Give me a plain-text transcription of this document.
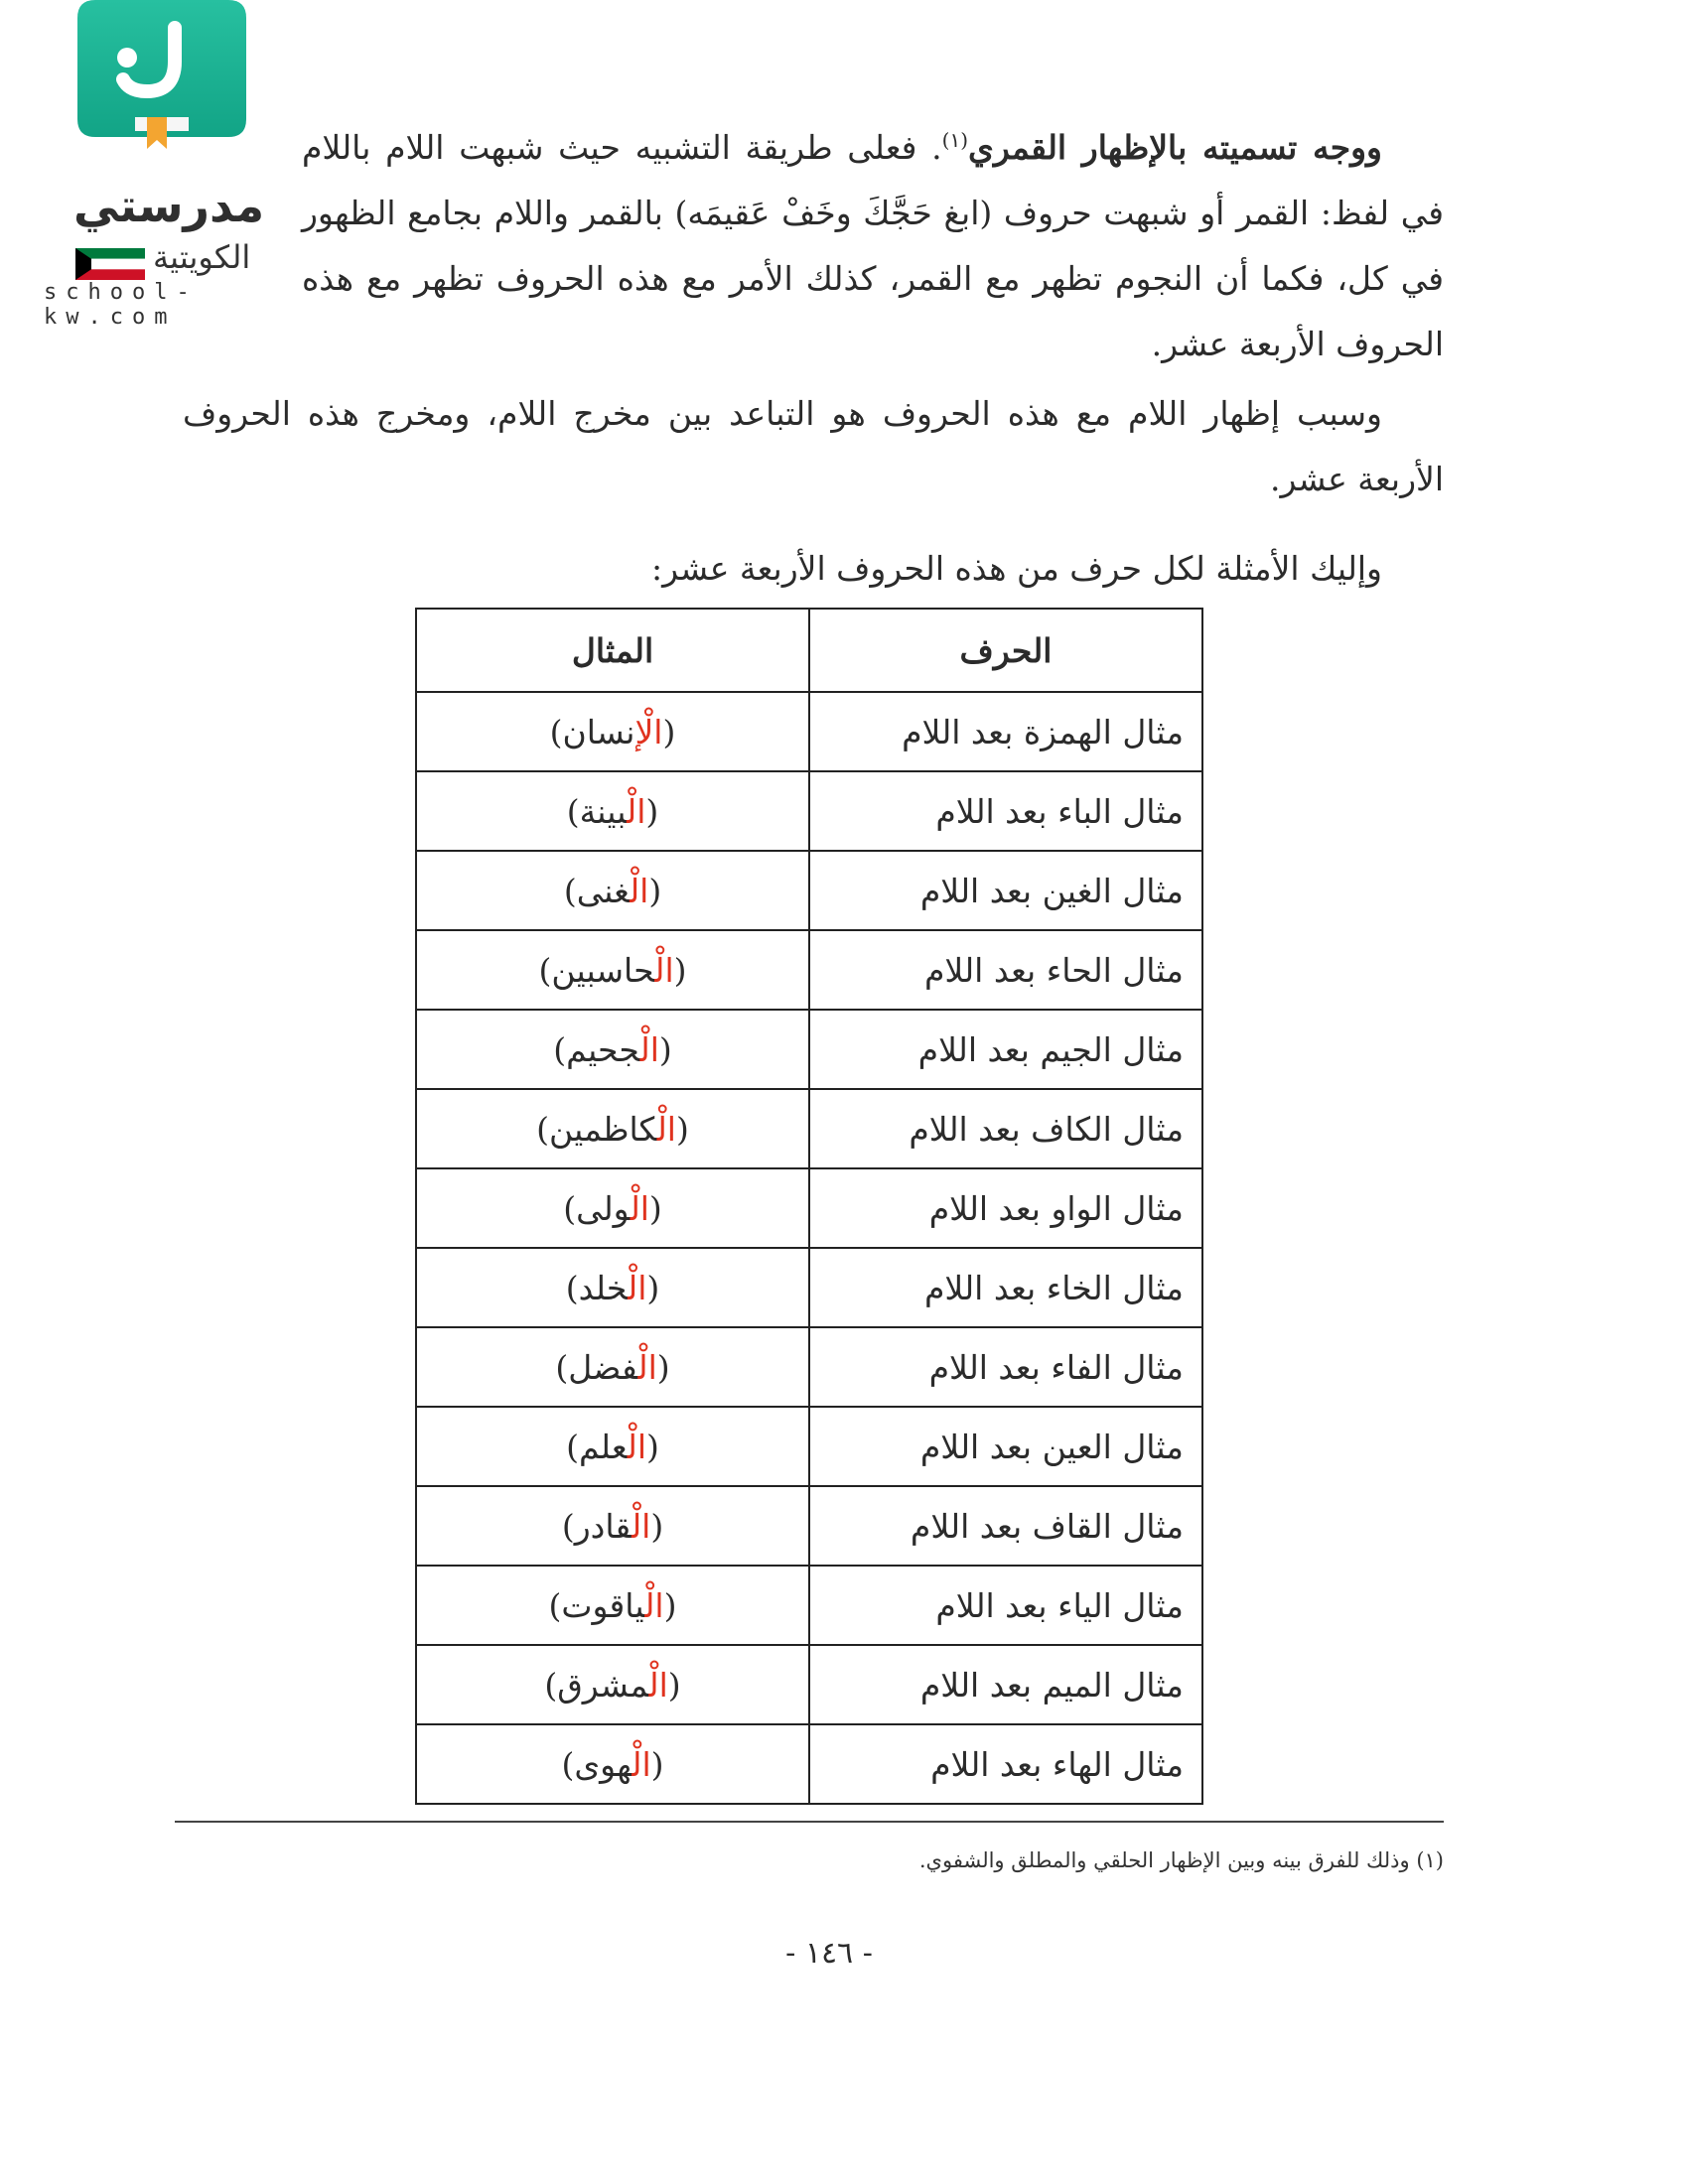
مدرستي
الكويتية
school-kw.com
ووجه تسميته بالإظهار القمري$^{(١)}$. فعلى طريقة التشبيه حيث شبهت اللام باللام في لفظ: القمر أو شبهت حروف (ابغ حَجَّكَ وخَفْ عَقيمَه) بالقمر واللام بجامع الظهور في كل، فكما أن النجوم تظهر مع القمر، كذلك الأمر مع هذه الحروف تظهر مع هذه الحروف الأربعة عشر.
وسبب إظهار اللام مع هذه الحروف هو التباعد بين مخرج اللام، ومخرج هذه الحروف الأربعة عشر.
وإليك الأمثلة لكل حرف من هذه الحروف الأربعة عشر:
الحرف	المثال
مثال الهمزة بعد اللام	(الْإنسان)
مثال الباء بعد اللام	(الْبينة)
مثال الغين بعد اللام	(الْغنى)
مثال الحاء بعد اللام	(الْحاسبين)
مثال الجيم بعد اللام	(الْجحيم)
مثال الكاف بعد اللام	(الْكاظمين)
مثال الواو بعد اللام	(الْولى)
مثال الخاء بعد اللام	(الْخلد)
مثال الفاء بعد اللام	(الْفضل)
مثال العين بعد اللام	(الْعلم)
مثال القاف بعد اللام	(الْقادر)
مثال الياء بعد اللام	(الْياقوت)
مثال الميم بعد اللام	(الْمشرق)
مثال الهاء بعد اللام	(الْهوى)
(١) وذلك للفرق بينه وبين الإظهار الحلقي والمطلق والشفوي.
- ١٤٦ -
